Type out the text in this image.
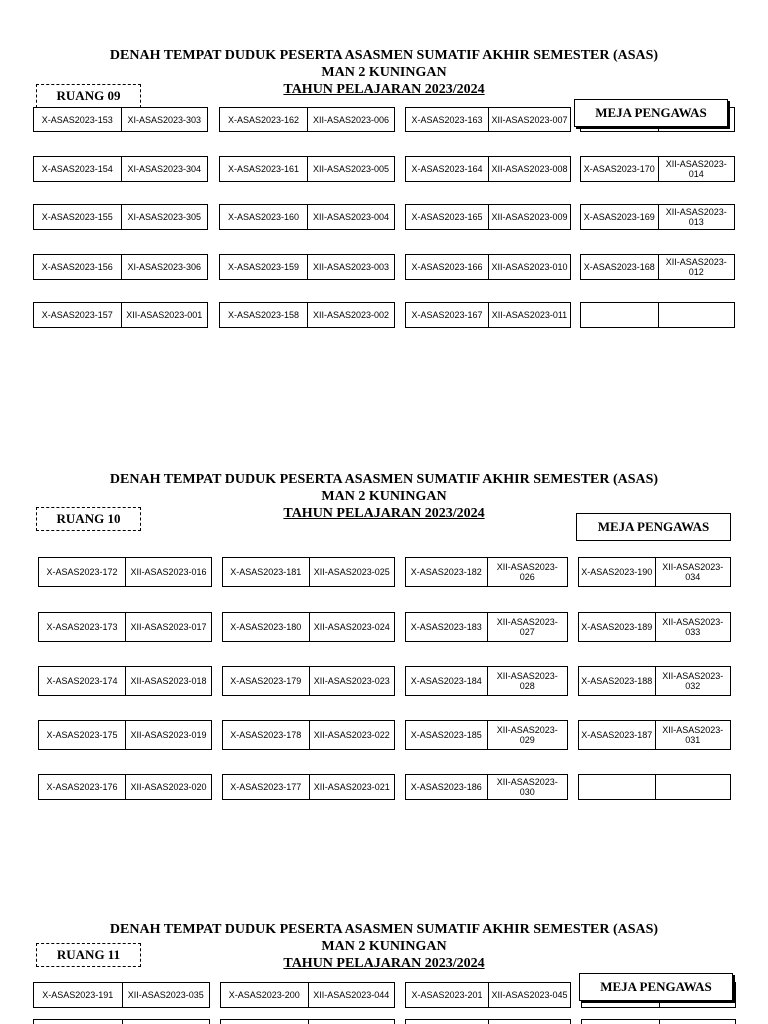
DENAH TEMPAT DUDUK PESERTA ASASMEN SUMATIF AKHIR SEMESTER (ASAS)
MAN 2 KUNINGAN
TAHUN PELAJARAN 2023/2024
RUANG 09
X-ASAS2023-153	XI-ASAS2023-303	X-ASAS2023-162	XII-ASAS2023-006	X-ASAS2023-163 XII-ASAS2023-007	MEJA PENGAWAS
X-ASAS2023-154	XI-ASAS2023-304	X-ASAS2023-161	XII-ASAS2023-005	X-ASAS2023-164 XII-ASAS2023-008	X-ASAS2023-170	XII-ASAS2023-014
X-ASAS2023-155	XI-ASAS2023-305	X-ASAS2023-160	XII-ASAS2023-004	X-ASAS2023-165 XII-ASAS2023-009	X-ASAS2023-169	XII-ASAS2023-013
X-ASAS2023-156	XI-ASAS2023-306	X-ASAS2023-159	XII-ASAS2023-003	X-ASAS2023-166 XII-ASAS2023-010	X-ASAS2023-168	XII-ASAS2023-012
X-ASAS2023-157	XII-ASAS2023-001	X-ASAS2023-158	XII-ASAS2023-002	X-ASAS2023-167	XII-ASAS2023-011
DENAH TEMPAT DUDUK PESERTA ASASMEN SUMATIF AKHIR SEMESTER (ASAS)
MAN 2 KUNINGAN
TAHUN PELAJARAN 2023/2024
RUANG 10
MEJA PENGAWAS
X-ASAS2023-172	XII-ASAS2023-016	X-ASAS2023-181	XII-ASAS2023-025	X-ASAS2023-182	XII-ASAS2023-026	X-ASAS2023-190	XII-ASAS2023-034
X-ASAS2023-173	XII-ASAS2023-017	X-ASAS2023-180	XII-ASAS2023-024	X-ASAS2023-183	XII-ASAS2023-027	X-ASAS2023-189	XII-ASAS2023-033
X-ASAS2023-174	XII-ASAS2023-018	X-ASAS2023-179	XII-ASAS2023-023	X-ASAS2023-184	XII-ASAS2023-028	X-ASAS2023-188	XII-ASAS2023-032
X-ASAS2023-175	XII-ASAS2023-019	X-ASAS2023-178	XII-ASAS2023-022	X-ASAS2023-185	XII-ASAS2023-029	X-ASAS2023-187	XII-ASAS2023-031
X-ASAS2023-176	XII-ASAS2023-020	X-ASAS2023-177	XII-ASAS2023-021	X-ASAS2023-186	XII-ASAS2023-030
DENAH TEMPAT DUDUK PESERTA ASASMEN SUMATIF AKHIR SEMESTER (ASAS)
MAN 2 KUNINGAN
TAHUN PELAJARAN 2023/2024
RUANG 11
X-ASAS2023-191	XII-ASAS2023-035	X-ASAS2023-200	XII-ASAS2023-044	X-ASAS2023-201 XII-ASAS2023-045
MEJA PENGAWAS
